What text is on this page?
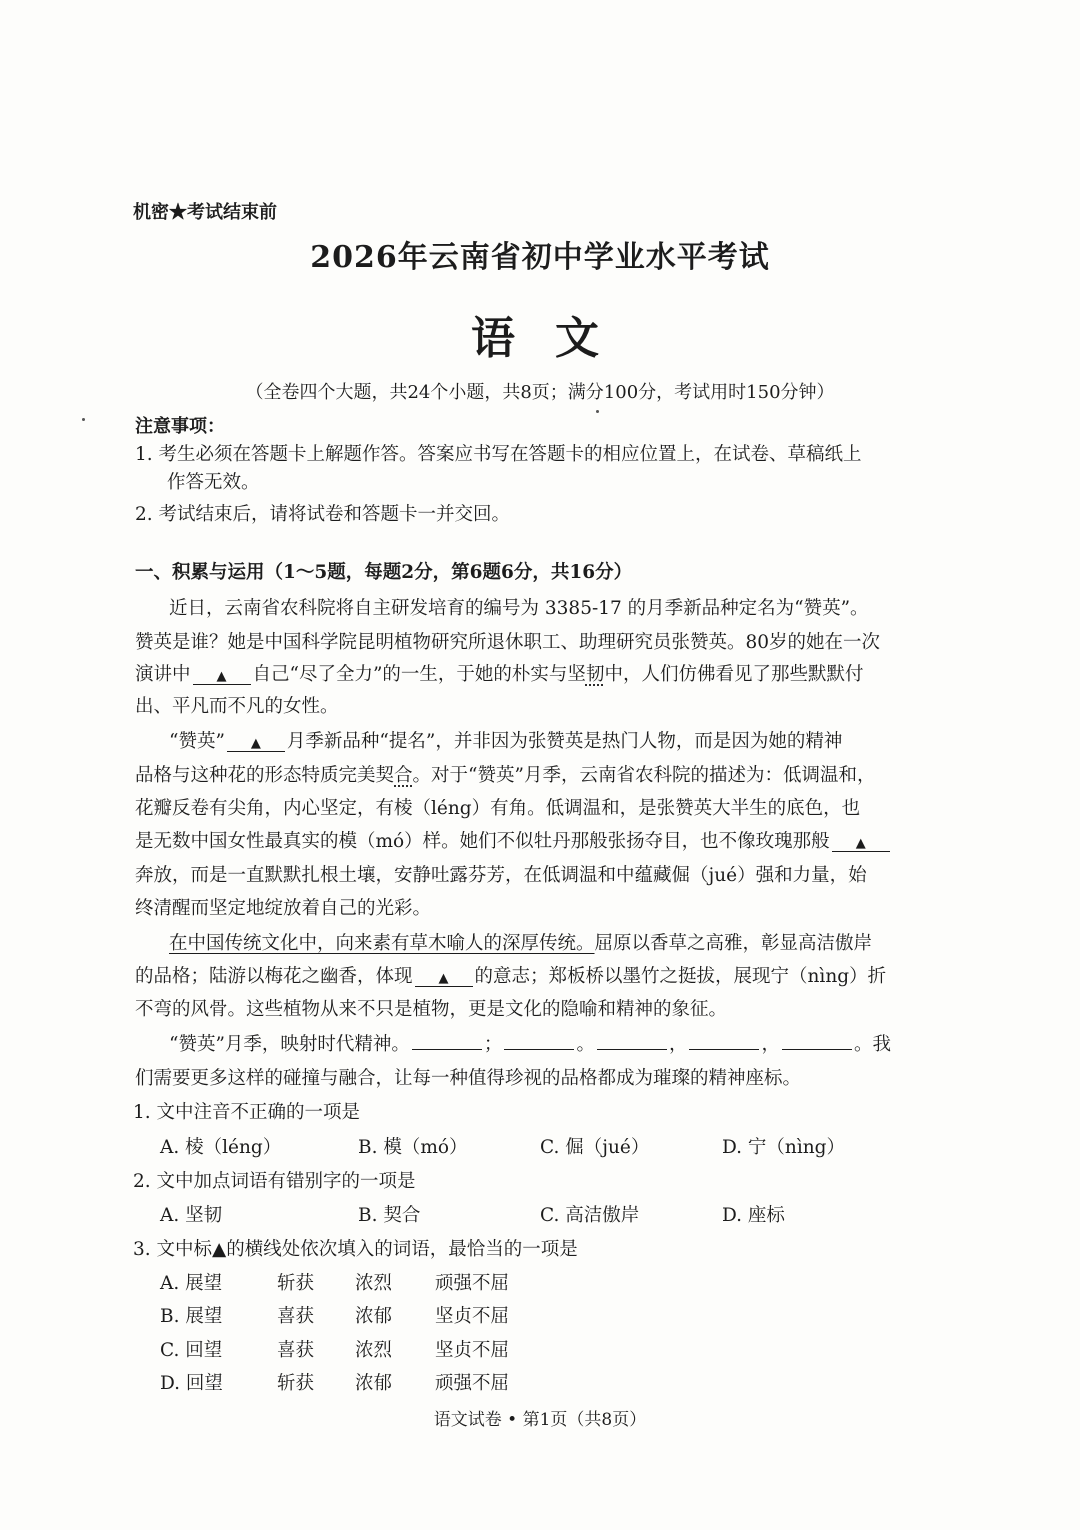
机密★考试结束前
2026年云南省初中学业水平考试
语文
（全卷四个大题，共24个小题，共8页；满分100分，考试用时150分钟）
注意事项：
1. 考生必须在答题卡上解题作答。答案应书写在答题卡的相应位置上，在试卷、草稿纸上
作答无效。
2. 考试结束后，请将试卷和答题卡一并交回。
一、积累与运用（1～5题，每题2分，第6题6分，共16分）
近日，云南省农科院将自主研发培育的编号为 3385-17 的月季新品种定名为“赞英”。
赞英是谁？她是中国科学院昆明植物研究所退休职工、助理研究员张赞英。80岁的她在一次
演讲中 ▲ 自己“尽了全力”的一生，于她的朴实与坚韧中，人们仿佛看见了那些默默付
出、平凡而不凡的女性。
“赞英” ▲ 月季新品种“提名”，并非因为张赞英是热门人物，而是因为她的精神
品格与这种花的形态特质完美契合。对于“赞英”月季，云南省农科院的描述为：低调温和，
花瓣反卷有尖角，内心坚定，有棱（léng）有角。低调温和，是张赞英大半生的底色，也
是无数中国女性最真实的模（mó）样。她们不似牡丹那般张扬夺目，也不像玫瑰那般 ▲
奔放，而是一直默默扎根土壤，安静吐露芬芳，在低调温和中蕴藏倔（jué）强和力量，始
终清醒而坚定地绽放着自己的光彩。
在中国传统文化中，向来素有草木喻人的深厚传统。屈原以香草之高雅，彰显高洁傲岸
的品格；陆游以梅花之幽香，体现 ▲ 的意志；郑板桥以墨竹之挺拔，展现宁（nìng）折
不弯的风骨。这些植物从来不只是植物，更是文化的隐喻和精神的象征。
“赞英”月季，映射时代精神。	；	。	，	，	。我
们需要更多这样的碰撞与融合，让每一种值得珍视的品格都成为璀璨的精神座标。
1. 文中注音不正确的一项是
A. 棱（léng）	B. 模（mó）	C. 倔（jué）	D. 宁（nìng）
2. 文中加点词语有错别字的一项是
A. 坚韧	B. 契合	C. 高洁傲岸	D. 座标
3. 文中标▲的横线处依次填入的词语，最恰当的一项是
A. 展望	斩获 浓烈 顽强不屈
B. 展望	喜获 浓郁 坚贞不屈
C. 回望	喜获 浓烈 坚贞不屈
D. 回望	斩获 浓郁 顽强不屈
语文试卷 • 第1页（共8页）
